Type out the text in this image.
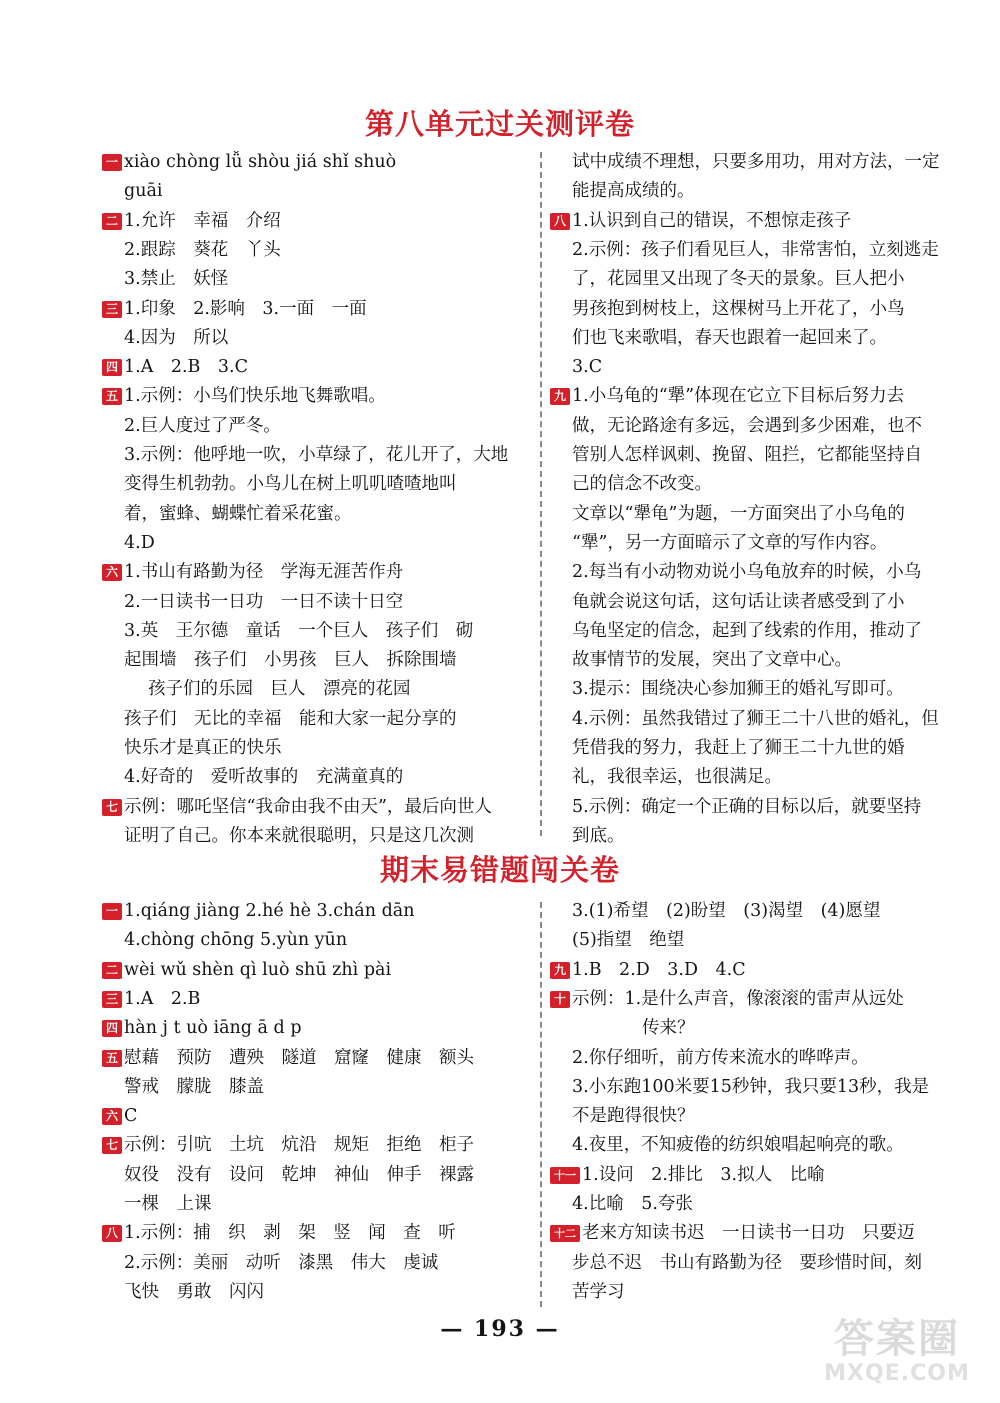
第八单元过关测评卷
一 xiào chòng lǚ shòu jiá shǐ shuò
guāi
二 1.允许　幸福　介绍
2.跟踪　葵花　丫头
3.禁止　妖怪
三 1.印象　2.影响　3.一面　一面
4.因为　所以
四 1.A　2.B　3.C
五 1.示例：小鸟们快乐地飞舞歌唱。
2.巨人度过了严冬。
3.示例：他呼地一吹，小草绿了，花儿开了，大地
变得生机勃勃。小鸟儿在树上叽叽喳喳地叫
着，蜜蜂、蝴蝶忙着采花蜜。
4.D
六 1.书山有路勤为径　学海无涯苦作舟
2.一日读书一日功　一日不读十日空
3.英　王尔德　童话　一个巨人　孩子们　砌
起围墙　孩子们　小男孩　巨人　拆除围墙
孩子们的乐园　巨人　漂亮的花园
孩子们　无比的幸福　能和大家一起分享的
快乐才是真正的快乐
4.好奇的　爱听故事的　充满童真的
七 示例：哪吒坚信“我命由我不由天”，最后向世人
证明了自己。你本来就很聪明，只是这几次测
试中成绩不理想，只要多用功，用对方法，一定
能提高成绩的。
八 1.认识到自己的错误，不想惊走孩子
2.示例：孩子们看见巨人，非常害怕，立刻逃走
了，花园里又出现了冬天的景象。巨人把小
男孩抱到树枝上，这棵树马上开花了，小鸟
们也飞来歌唱，春天也跟着一起回来了。
3.C
九 1.小乌龟的“犟”体现在它立下目标后努力去
做，无论路途有多远，会遇到多少困难，也不
管别人怎样讽刺、挽留、阻拦，它都能坚持自
己的信念不改变。
文章以“犟龟”为题，一方面突出了小乌龟的
“犟”，另一方面暗示了文章的写作内容。
2.每当有小动物劝说小乌龟放弃的时候，小乌
龟就会说这句话，这句话让读者感受到了小
乌龟坚定的信念，起到了线索的作用，推动了
故事情节的发展，突出了文章中心。
3.提示：围绕决心参加狮王的婚礼写即可。
4.示例：虽然我错过了狮王二十八世的婚礼，但
凭借我的努力，我赶上了狮王二十九世的婚
礼，我很幸运，也很满足。
5.示例：确定一个正确的目标以后，就要坚持
到底。
期末易错题闯关卷
一 1.qiáng jiàng 2.hé hè 3.chán dān
4.chòng chōng 5.yùn yūn
二 wèi wǔ shèn qì luò shū zhì pài
三 1.A　2.B
四 hàn j t uò iāng ā d p
五 慰藉　预防　遭殃　隧道　窟窿　健康　额头
警戒　朦胧　膝盖
六 C
七 示例：引吭　土坑　炕沿　规矩　拒绝　柜子
奴役　没有　设问　乾坤　神仙　伸手　裸露
一棵　上课
八 1.示例：捕　织　剥　架　竖　闻　查　听
2.示例：美丽　动听　漆黑　伟大　虔诚
飞快　勇敢　闪闪
3.(1)希望　(2)盼望　(3)渴望　(4)愿望
(5)指望　绝望
九 1.B　2.D　3.D　4.C
十 示例：1.是什么声音，像滚滚的雷声从远处
传来？
2.你仔细听，前方传来流水的哗哗声。
3.小东跑100米要15秒钟，我只要13秒，我是
不是跑得很快？
4.夜里，不知疲倦的纺织娘唱起响亮的歌。
十一 1.设问　2.排比　3.拟人　比喻
4.比喻　5.夸张
十二 老来方知读书迟　一日读书一日功　只要迈
步总不迟　书山有路勤为径　要珍惜时间，刻
苦学习
— 193 —	答案圈
MXQE.COM
